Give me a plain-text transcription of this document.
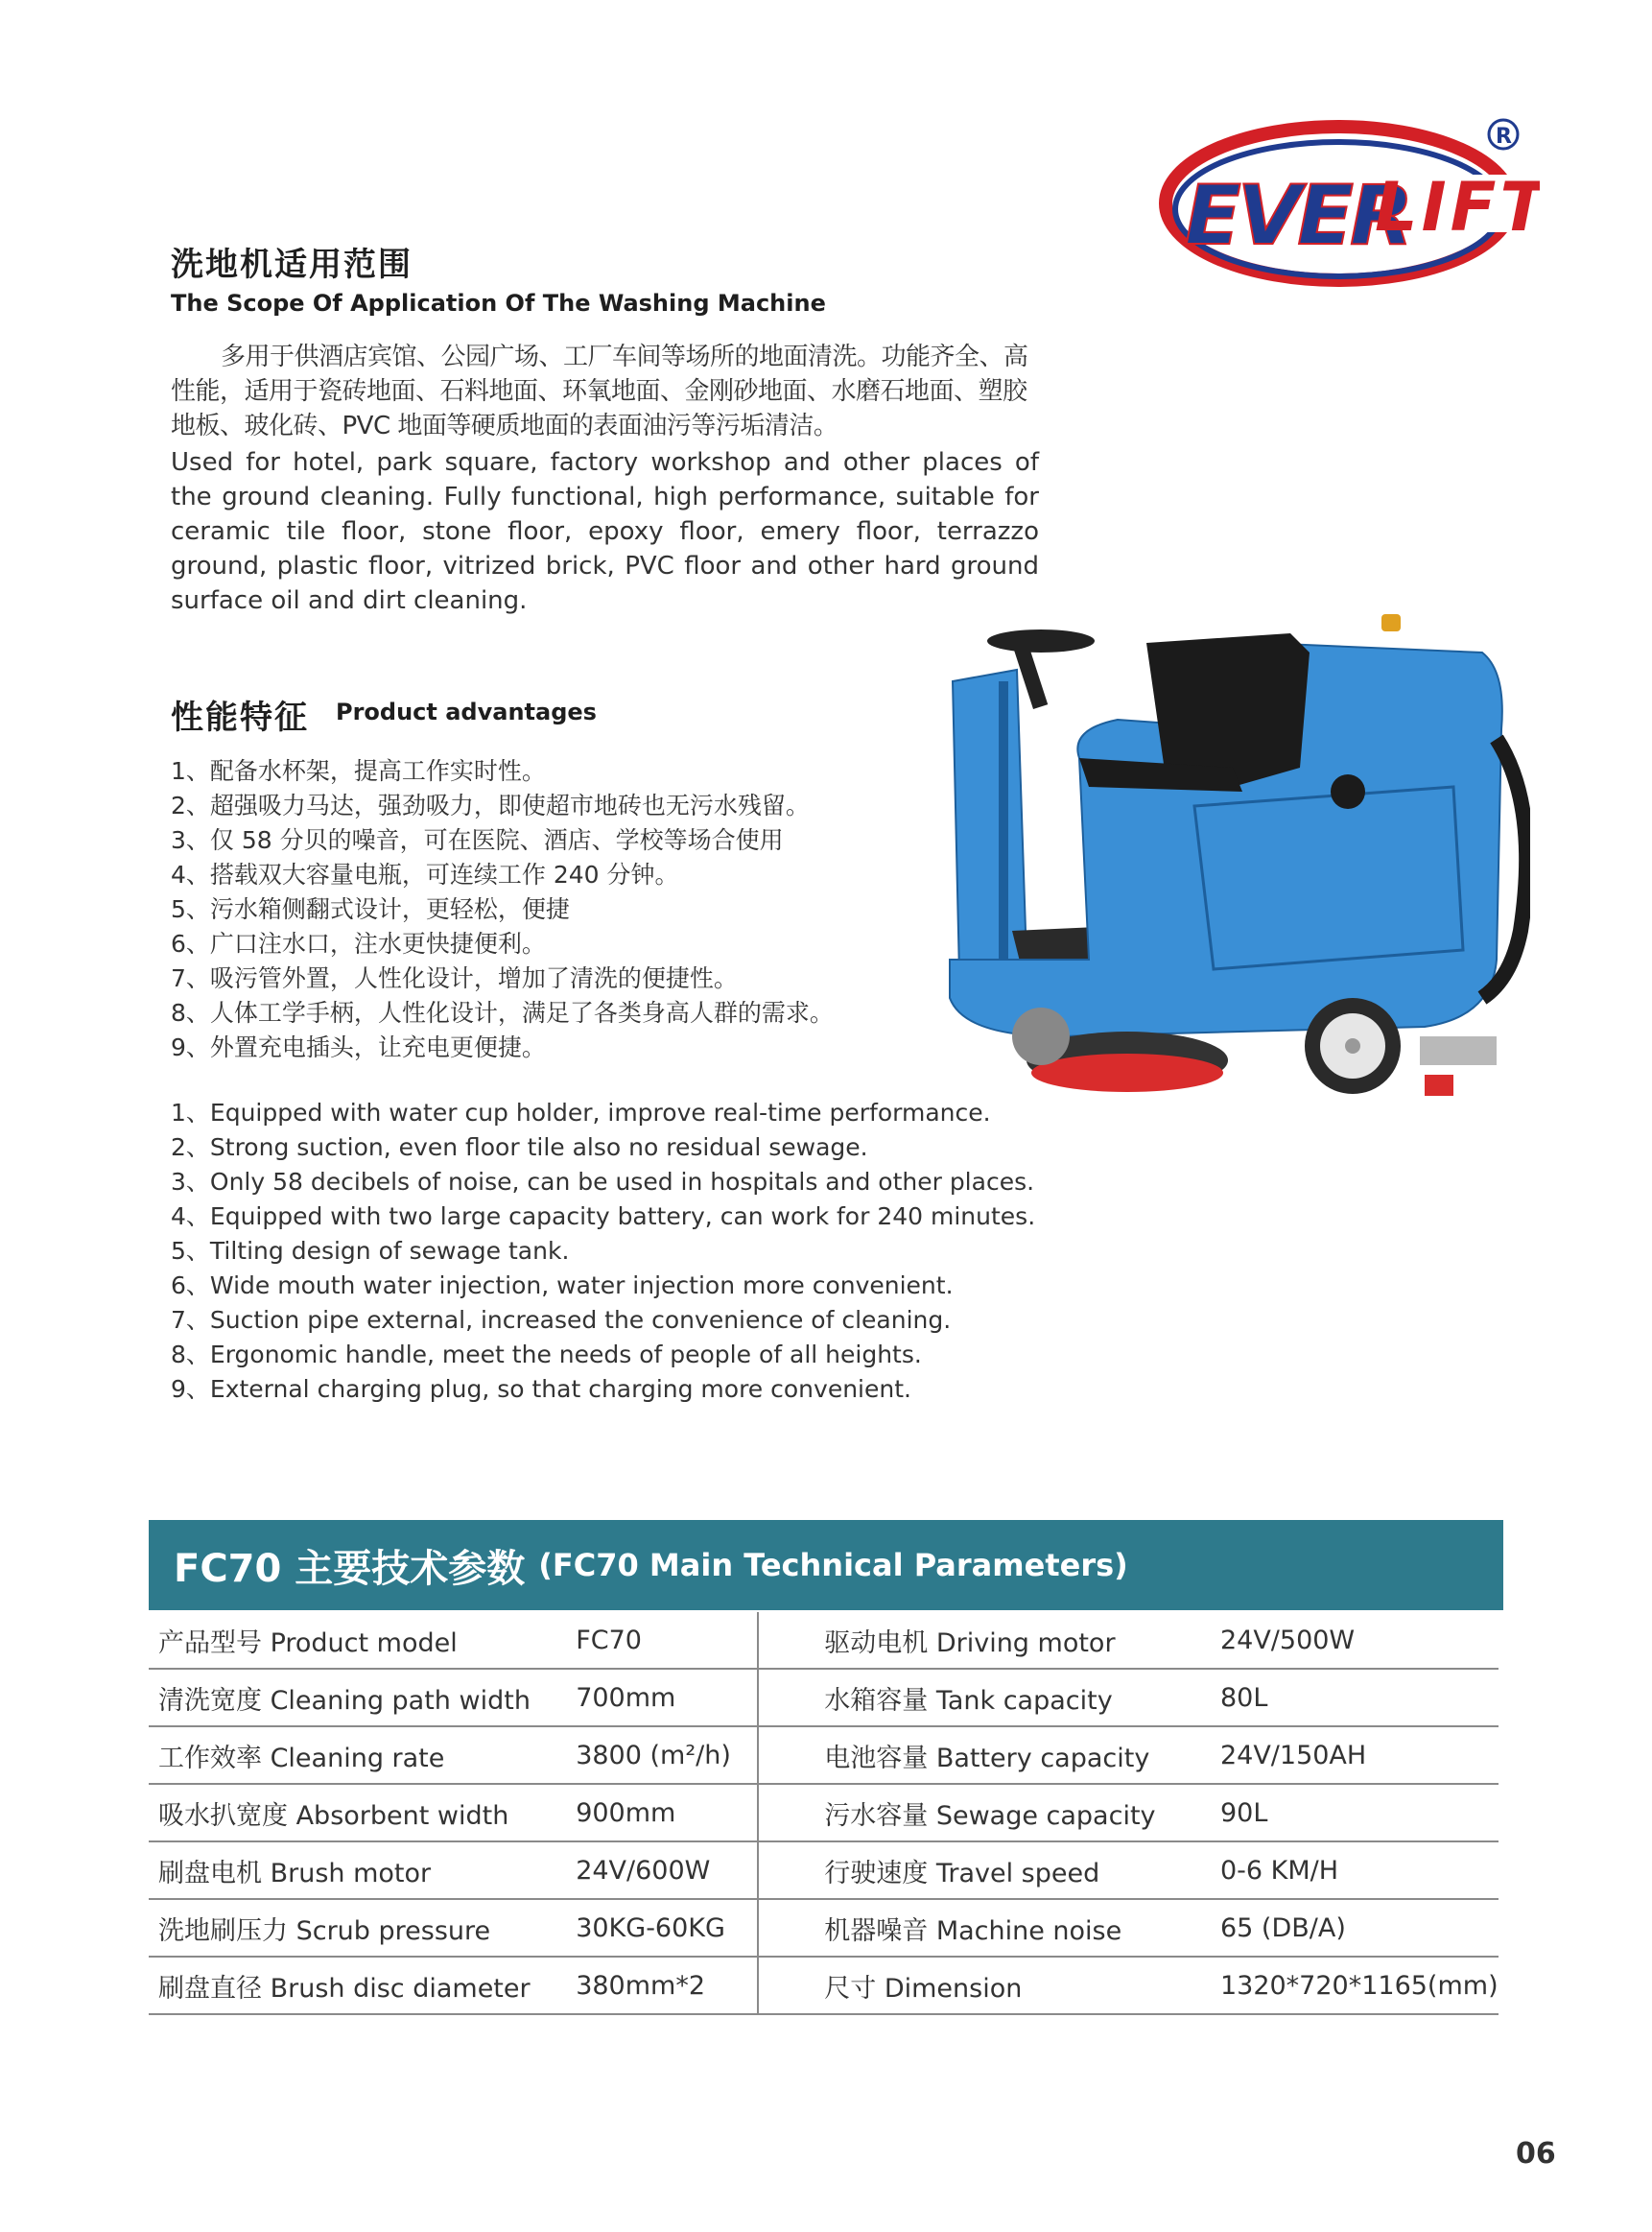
EVER
LIFT
R
洗地机适用范围
The Scope Of Application Of The Washing Machine
多用于供酒店宾馆、公园广场、工厂车间等场所的地面清洗。功能齐全、高性能，适用于瓷砖地面、石料地面、环氧地面、金刚砂地面、水磨石地面、塑胶地板、玻化砖、PVC 地面等硬质地面的表面油污等污垢清洁。
Used for hotel, park square, factory workshop and other places of the ground cleaning. Fully functional, high performance, suitable for ceramic tile floor, stone floor, epoxy floor, emery floor, terrazzo ground, plastic floor, vitrized brick, PVC floor and other hard ground surface oil and dirt cleaning.
性能特征 Product advantages
1、配备水杯架，提高工作实时性。
2、超强吸力马达，强劲吸力，即使超市地砖也无污水残留。
3、仅 58 分贝的噪音，可在医院、酒店、学校等场合使用
4、搭载双大容量电瓶，可连续工作 240 分钟。
5、污水箱侧翻式设计，更轻松，便捷
6、广口注水口，注水更快捷便利。
7、吸污管外置，人性化设计，增加了清洗的便捷性。
8、人体工学手柄，人性化设计，满足了各类身高人群的需求。
9、外置充电插头，让充电更便捷。
1、Equipped with water cup holder, improve real-time performance.
2、Strong suction, even floor tile also no residual sewage.
3、Only 58 decibels of noise, can be used in hospitals and other places.
4、Equipped with two large capacity battery, can work for 240 minutes.
5、Tilting design of sewage tank.
6、Wide mouth water injection, water injection more convenient.
7、Suction pipe external, increased the convenience of cleaning.
8、Ergonomic handle, meet the needs of people of all heights.
9、External charging plug, so that charging more convenient.
FC70 主要技术参数 (FC70 Main Technical Parameters)
产品型号 Product model	FC70	驱动电机 Driving motor	24V/500W
清洗宽度 Cleaning path width	700mm	水箱容量 Tank capacity	80L
工作效率 Cleaning rate	3800 (m²/h)	电池容量 Battery capacity	24V/150AH
吸水扒宽度 Absorbent width	900mm	污水容量 Sewage capacity	90L
刷盘电机 Brush motor	24V/600W	行驶速度 Travel speed	0-6 KM/H
洗地刷压力 Scrub pressure	30KG-60KG	机器噪音 Machine noise	65 (DB/A)
刷盘直径 Brush disc diameter	380mm*2	尺寸 Dimension	1320*720*1165(mm)
06
